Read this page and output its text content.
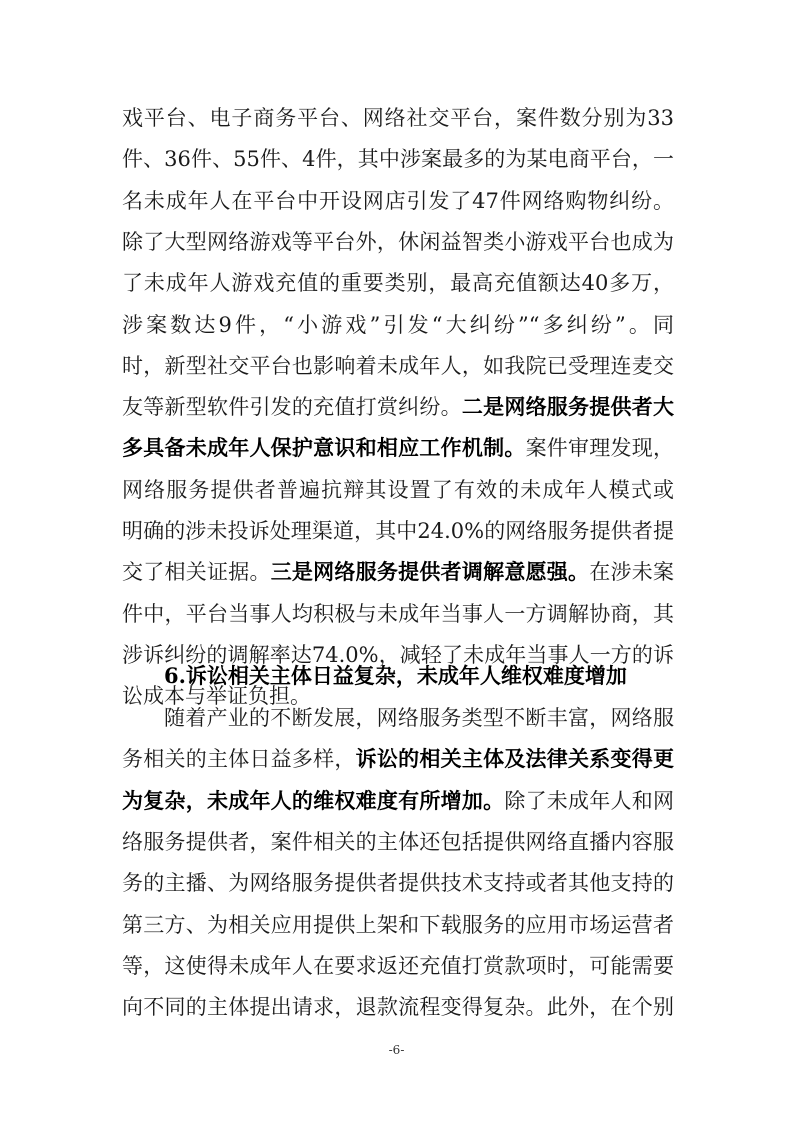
戏平台、电子商务平台、网络社交平台，案件数分别为33
件、36件、55件、4件，其中涉案最多的为某电商平台，一
名未成年人在平台中开设网店引发了47件网络购物纠纷。
除了大型网络游戏等平台外，休闲益智类小游戏平台也成为
了未成年人游戏充值的重要类别，最高充值额达40多万，
涉案数达9件，“小游戏”引发“大纠纷”“多纠纷”。同
时，新型社交平台也影响着未成年人，如我院已受理连麦交
友等新型软件引发的充值打赏纠纷。二是网络服务提供者大
多具备未成年人保护意识和相应工作机制。案件审理发现，
网络服务提供者普遍抗辩其设置了有效的未成年人模式或
明确的涉未投诉处理渠道，其中24.0%的网络服务提供者提
交了相关证据。三是网络服务提供者调解意愿强。在涉未案
件中，平台当事人均积极与未成年当事人一方调解协商，其
涉诉纠纷的调解率达74.0%，减轻了未成年当事人一方的诉
讼成本与举证负担。
6.诉讼相关主体日益复杂，未成年人维权难度增加
随着产业的不断发展，网络服务类型不断丰富，网络服
务相关的主体日益多样，诉讼的相关主体及法律关系变得更
为复杂，未成年人的维权难度有所增加。除了未成年人和网
络服务提供者，案件相关的主体还包括提供网络直播内容服
务的主播、为网络服务提供者提供技术支持或者其他支持的
第三方、为相关应用提供上架和下载服务的应用市场运营者
等，这使得未成年人在要求返还充值打赏款项时，可能需要
向不同的主体提出请求，退款流程变得复杂。此外，在个别
-6-
